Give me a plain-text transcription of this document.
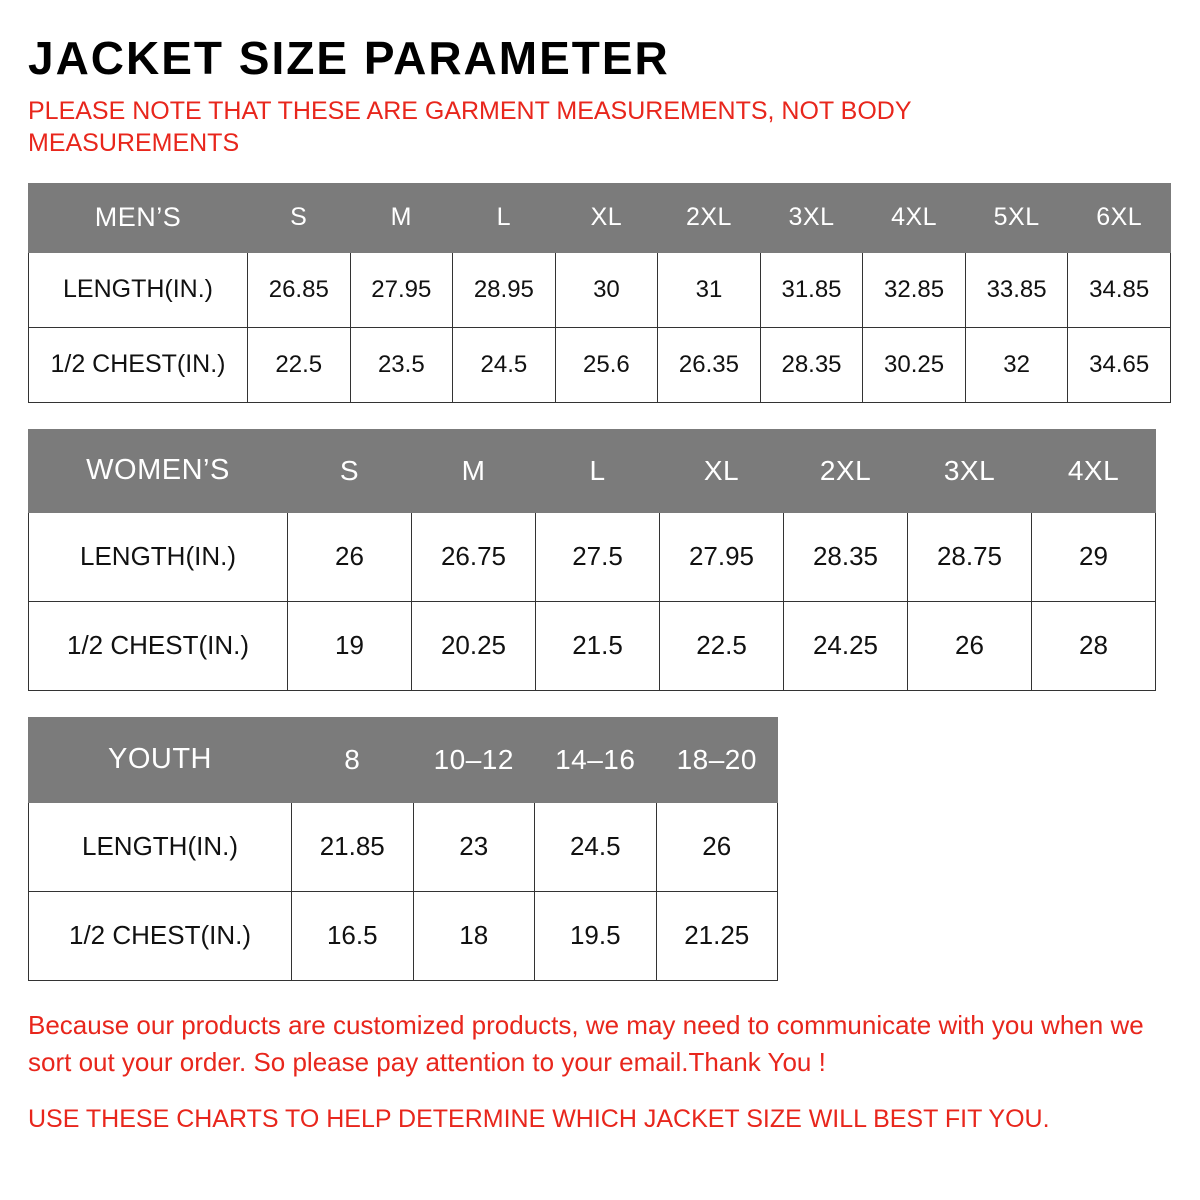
JACKET SIZE PARAMETER
PLEASE NOTE THAT THESE ARE GARMENT MEASUREMENTS, NOT BODY MEASUREMENTS
MEN’S	S	M	L	XL	2XL	3XL	4XL	5XL	6XL
LENGTH(IN.)	26.85	27.95	28.95	30	31	31.85	32.85	33.85	34.85
1/2 CHEST(IN.)	22.5	23.5	24.5	25.6	26.35	28.35	30.25	32	34.65
WOMEN’S	S	M	L	XL	2XL	3XL	4XL
LENGTH(IN.)	26	26.75	27.5	27.95	28.35	28.75	29
1/2 CHEST(IN.)	19	20.25	21.5	22.5	24.25	26	28
YOUTH	8	10–12	14–16	18–20
LENGTH(IN.)	21.85	23	24.5	26
1/2 CHEST(IN.)	16.5	18	19.5	21.25
Because our products are customized products, we may need to communicate with you when we sort out your order. So please pay attention to your email.Thank You !
USE THESE CHARTS TO HELP DETERMINE WHICH JACKET SIZE WILL BEST FIT YOU.
